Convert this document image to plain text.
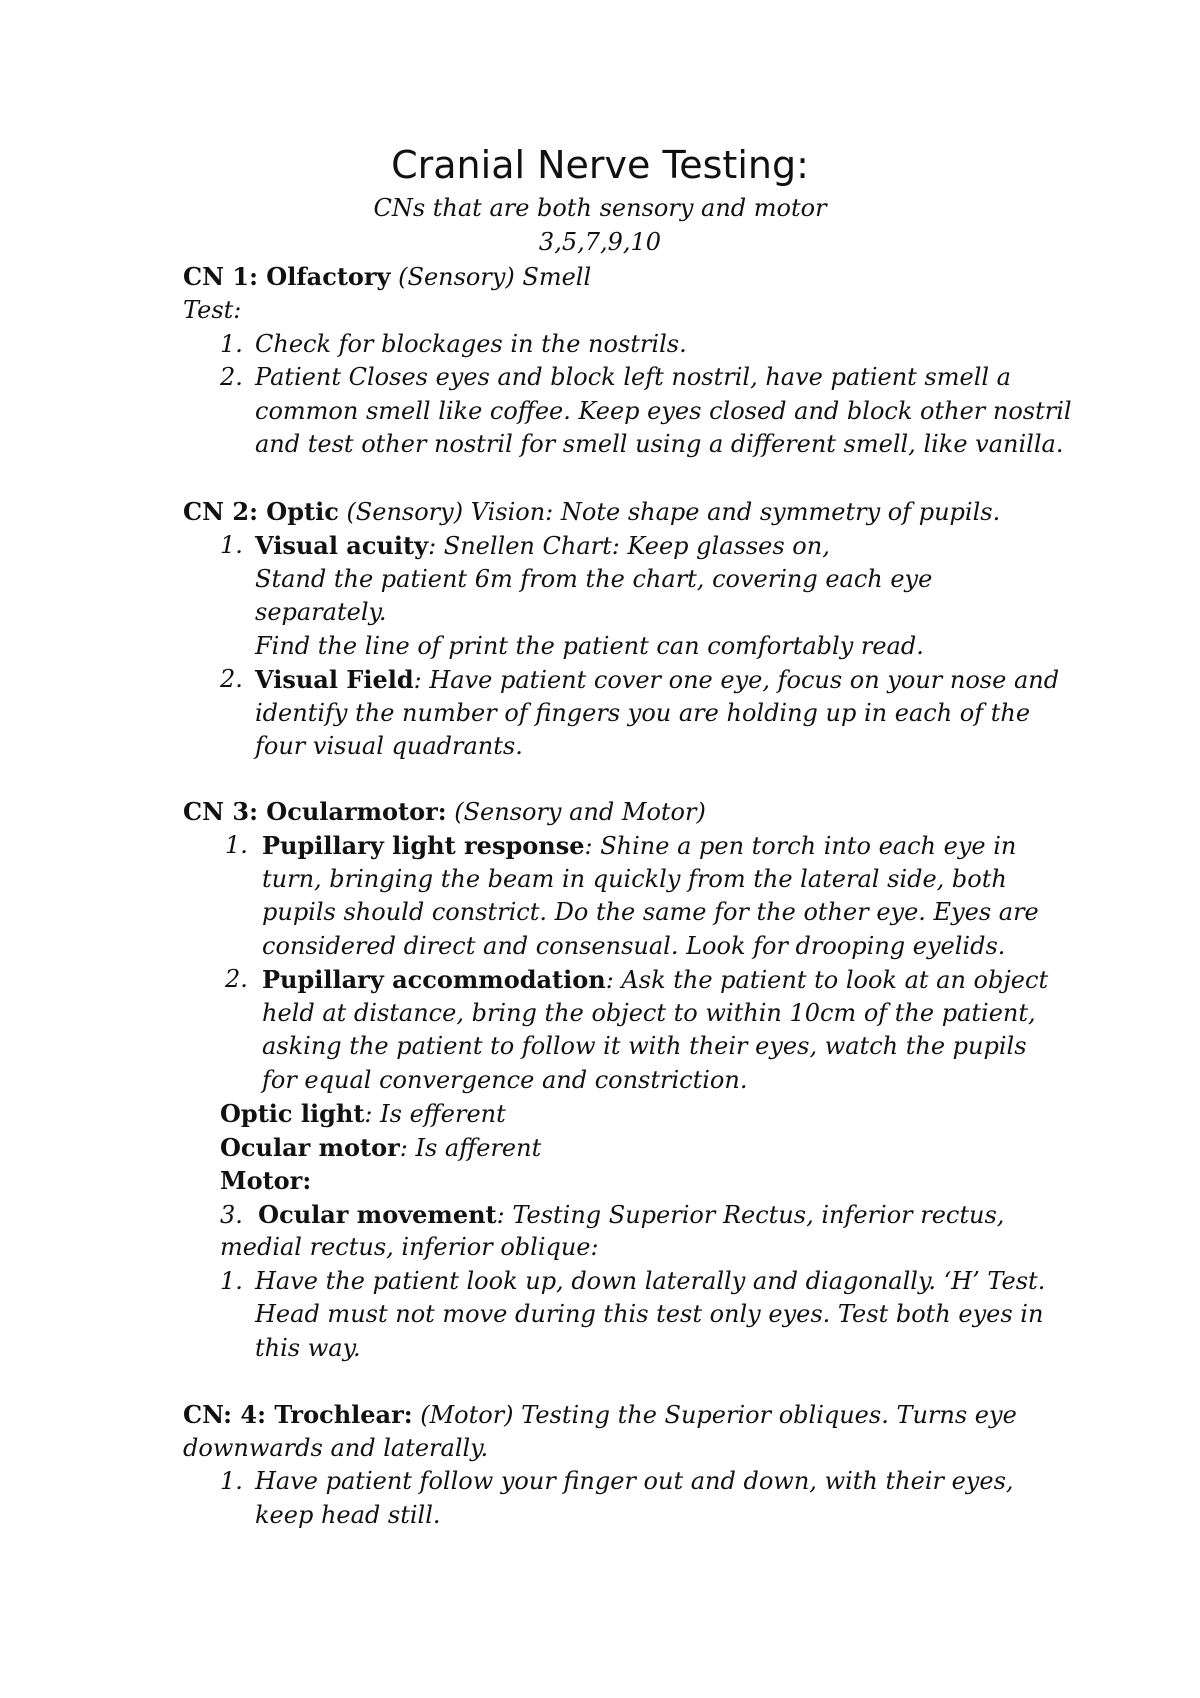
Cranial Nerve Testing:
CNs that are both sensory and motor
3,5,7,9,10
CN 1: Olfactory (Sensory) Smell
Test:
1. Check for blockages in the nostrils.
2. Patient Closes eyes and block left nostril, have patient smell a
common smell like coffee. Keep eyes closed and block other nostril
and test other nostril for smell using a different smell, like vanilla.
CN 2: Optic (Sensory) Vision: Note shape and symmetry of pupils.
1. Visual acuity: Snellen Chart: Keep glasses on,
Stand the patient 6m from the chart, covering each eye
separately.
Find the line of print the patient can comfortably read.
2. Visual Field: Have patient cover one eye, focus on your nose and
identify the number of fingers you are holding up in each of the
four visual quadrants.
CN 3: Ocularmotor: (Sensory and Motor)
1. Pupillary light response: Shine a pen torch into each eye in
turn, bringing the beam in quickly from the lateral side, both
pupils should constrict. Do the same for the other eye. Eyes are
considered direct and consensual. Look for drooping eyelids.
2. Pupillary accommodation: Ask the patient to look at an object
held at distance, bring the object to within 10cm of the patient,
asking the patient to follow it with their eyes, watch the pupils
for equal convergence and constriction.
Optic light: Is efferent
Ocular motor: Is afferent
Motor:
3. Ocular movement: Testing Superior Rectus, inferior rectus,
medial rectus, inferior oblique:
1. Have the patient look up, down laterally and diagonally. ‘H’ Test.
Head must not move during this test only eyes. Test both eyes in
this way.
CN: 4: Trochlear: (Motor) Testing the Superior obliques. Turns eye
downwards and laterally.
1. Have patient follow your finger out and down, with their eyes,
keep head still.
